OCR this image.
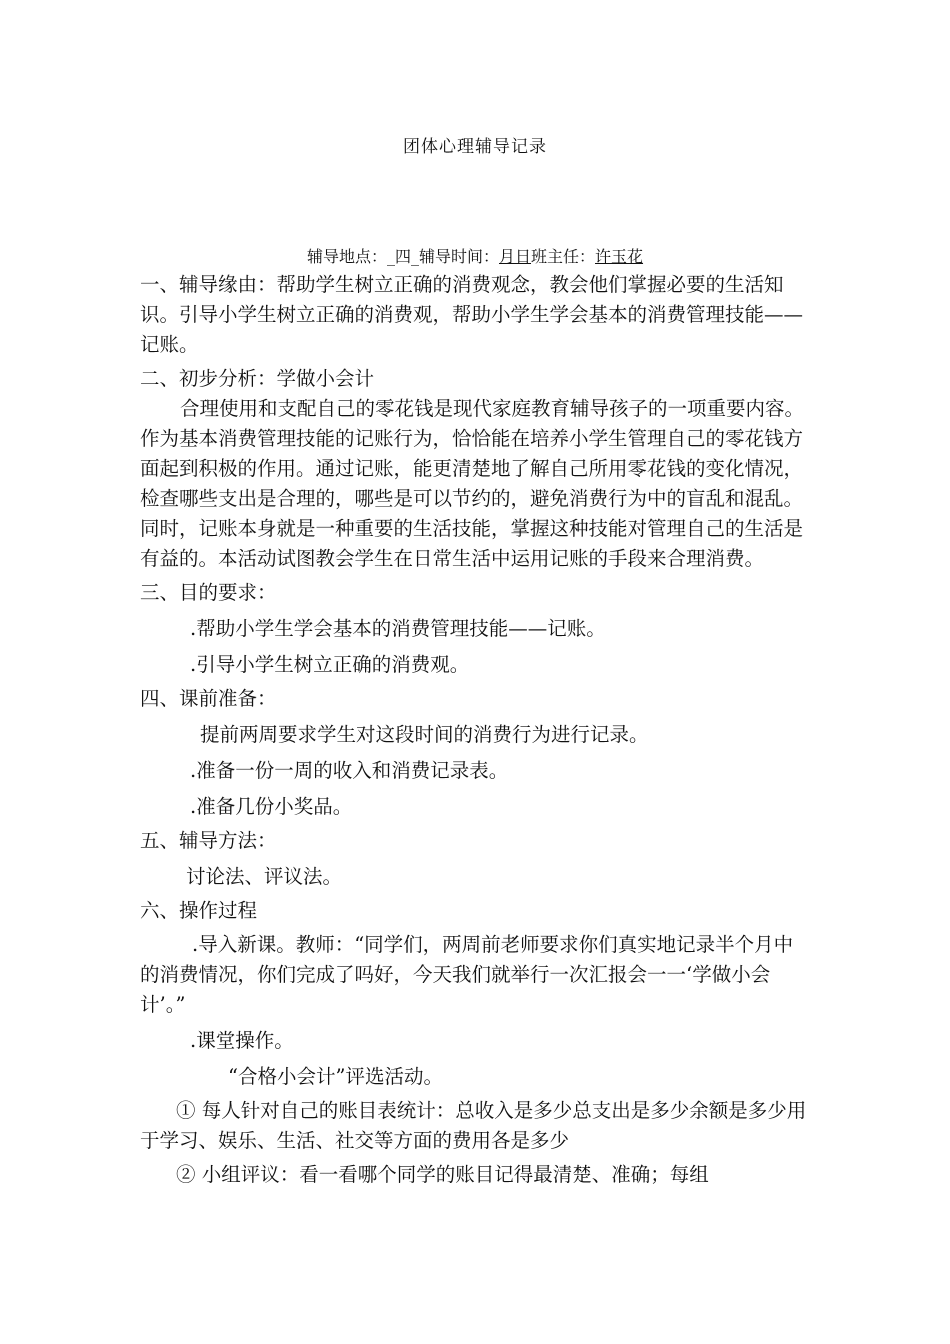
团体心理辅导记录
辅导地点：_四_辅导时间：月日班主任：许玉花

一、辅导缘由：帮助学生树立正确的消费观念，教会他们掌握必要的生活知识。引导小学生树立正确的消费观，帮助小学生学会基本的消费管理技能——记账。

二、初步分析：学做小会计

合理使用和支配自己的零花钱是现代家庭教育辅导孩子的一项重要内容。作为基本消费管理技能的记账行为，恰恰能在培养小学生管理自己的零花钱方面起到积极的作用。通过记账，能更清楚地了解自己所用零花钱的变化情况，检查哪些支出是合理的，哪些是可以节约的，避免消费行为中的盲乱和混乱。同时，记账本身就是一种重要的生活技能，掌握这种技能对管理自己的生活是有益的。本活动试图教会学生在日常生活中运用记账的手段来合理消费。

三、目的要求：

.帮助小学生学会基本的消费管理技能——记账。

.引导小学生树立正确的消费观。

四、课前准备：

提前两周要求学生对这段时间的消费行为进行记录。

.准备一份一周的收入和消费记录表。

.准备几份小奖品。

五、辅导方法：

讨论法、评议法。

六、操作过程

.导入新课。教师：“同学们，两周前老师要求你们真实地记录半个月中的消费情况，你们完成了吗好，今天我们就举行一次汇报会一一‘学做小会计’。”

.课堂操作。

“合格小会计”评选活动。

① 每人针对自己的账目表统计：总收入是多少总支出是多少余额是多少用于学习、娱乐、生活、社交等方面的费用各是多少

② 小组评议：看一看哪个同学的账目记得最清楚、准确；每组
